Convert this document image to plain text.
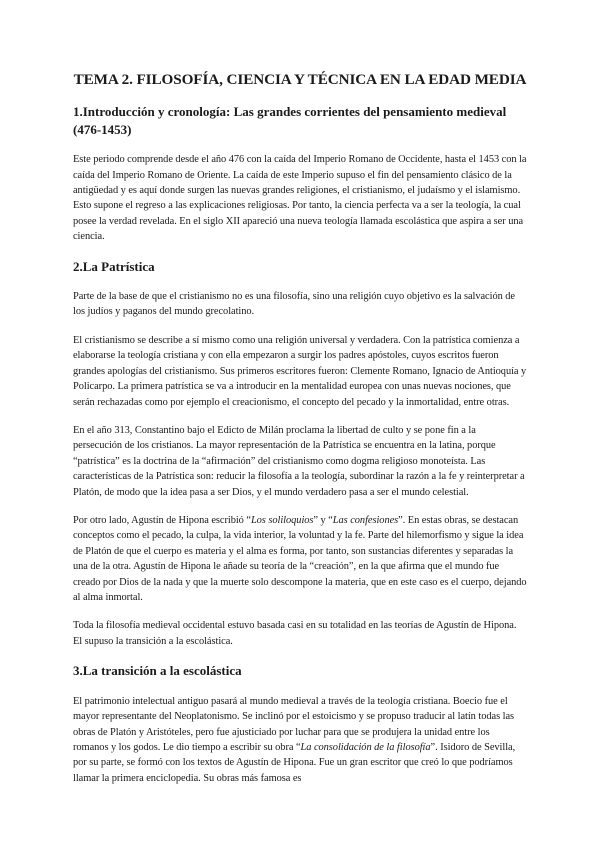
TEMA 2. FILOSOFÍA, CIENCIA Y TÉCNICA EN LA EDAD MEDIA
1.Introducción y cronología: Las grandes corrientes del pensamiento medieval (476-1453)

Este periodo comprende desde el año 476 con la caída del Imperio Romano de Occidente, hasta el 1453 con la caída del Imperio Romano de Oriente. La caída de este Imperio supuso el fin del pensamiento clásico de la antigüedad y es aquí donde surgen las nuevas grandes religiones, el cristianismo, el judaísmo y el islamismo. Esto supone el regreso a las explicaciones religiosas. Por tanto, la ciencia perfecta va a ser la teología, la cual posee la verdad revelada. En el siglo XII apareció una nueva teología llamada escolástica que aspira a ser una ciencia.

2.La Patrística

Parte de la base de que el cristianismo no es una filosofía, sino una religión cuyo objetivo es la salvación de los judíos y paganos del mundo grecolatino.

El cristianismo se describe a sí mismo como una religión universal y verdadera. Con la patrística comienza a elaborarse la teología cristiana y con ella empezaron a surgir los padres apóstoles, cuyos escritos fueron grandes apologías del cristianismo. Sus primeros escritores fueron: Clemente Romano, Ignacio de Antioquía y Policarpo. La primera patrística se va a introducir en la mentalidad europea con unas nuevas nociones, que serán rechazadas como por ejemplo el creacionismo, el concepto del pecado y la inmortalidad, entre otras.

En el año 313, Constantino bajo el Edicto de Milán proclama la libertad de culto y se pone fin a la persecución de los cristianos. La mayor representación de la Patrística se encuentra en la latina, porque “patrística” es la doctrina de la “afirmación” del cristianismo como dogma religioso monoteísta. Las características de la Patrística son: reducir la filosofía a la teología, subordinar la razón a la fe y reinterpretar a Platón, de modo que la idea pasa a ser Dios, y el mundo verdadero pasa a ser el mundo celestial.

Por otro lado, Agustín de Hipona escribió “Los soliloquios” y “Las confesiones”. En estas obras, se destacan conceptos como el pecado, la culpa, la vida interior, la voluntad y la fe. Parte del hilemorfismo y sigue la idea de Platón de que el cuerpo es materia y el alma es forma, por tanto, son sustancias diferentes y separadas la una de la otra. Agustín de Hipona le añade su teoría de la “creación”, en la que afirma que el mundo fue creado por Dios de la nada y que la muerte solo descompone la materia, que en este caso es el cuerpo, dejando al alma inmortal.

Toda la filosofía medieval occidental estuvo basada casi en su totalidad en las teorías de Agustín de Hipona. El supuso la transición a la escolástica.

3.La transición a la escolástica

El patrimonio intelectual antiguo pasará al mundo medieval a través de la teología cristiana. Boecio fue el mayor representante del Neoplatonismo. Se inclinó por el estoicismo y se propuso traducir al latín todas las obras de Platón y Aristóteles, pero fue ajusticiado por luchar para que se produjera la unidad entre los romanos y los godos. Le dio tiempo a escribir su obra “La consolidación de la filosofía”. Isidoro de Sevilla, por su parte, se formó con los textos de Agustín de Hipona. Fue un gran escritor que creó lo que podríamos llamar la primera enciclopedia. Su obras más famosa es
